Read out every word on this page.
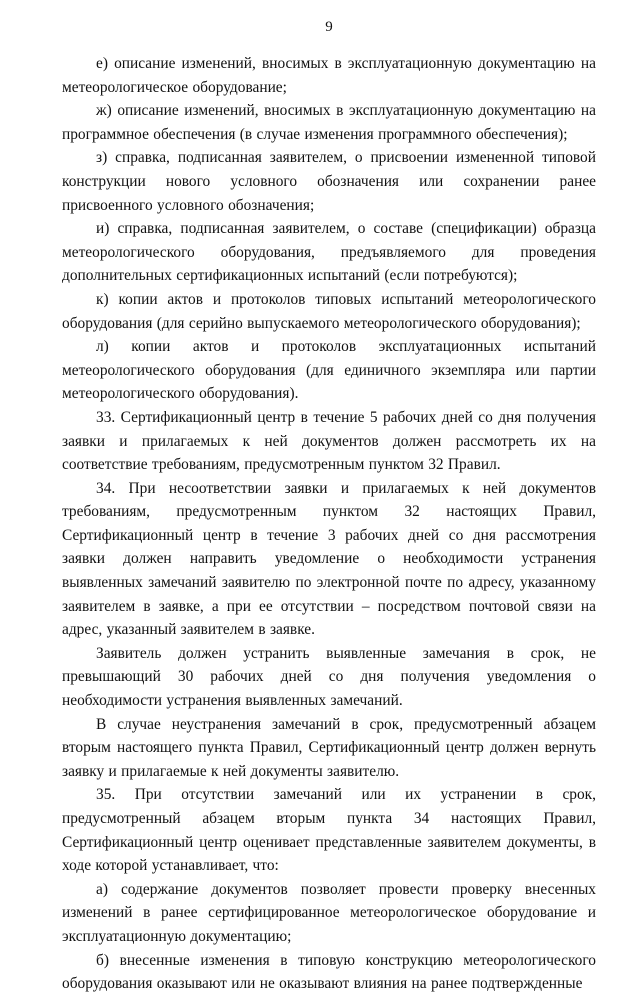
9

е) описание изменений, вносимых в эксплуатационную документацию на метеорологическое оборудование;

ж) описание изменений, вносимых в эксплуатационную документацию на программное обеспечения (в случае изменения программного обеспечения);

з) справка, подписанная заявителем, о присвоении измененной типовой конструкции нового условного обозначения или сохранении ранее присвоенного условного обозначения;

и) справка, подписанная заявителем, о составе (спецификации) образца метеорологического оборудования, предъявляемого для проведения дополнительных сертификационных испытаний (если потребуются);

к) копии актов и протоколов типовых испытаний метеорологического оборудования (для серийно выпускаемого метеорологического оборудования);

л) копии актов и протоколов эксплуатационных испытаний метеорологического оборудования (для единичного экземпляра или партии метеорологического оборудования).

33. Сертификационный центр в течение 5 рабочих дней со дня получения заявки и прилагаемых к ней документов должен рассмотреть их на соответствие требованиям, предусмотренным пунктом 32 Правил.

34. При несоответствии заявки и прилагаемых к ней документов требованиям, предусмотренным пунктом 32 настоящих Правил, Сертификационный центр в течение 3 рабочих дней со дня рассмотрения заявки должен направить уведомление о необходимости устранения выявленных замечаний заявителю по электронной почте по адресу, указанному заявителем в заявке, а при ее отсутствии – посредством почтовой связи на адрес, указанный заявителем в заявке.

Заявитель должен устранить выявленные замечания в срок, не превышающий 30 рабочих дней со дня получения уведомления о необходимости устранения выявленных замечаний.

В случае неустранения замечаний в срок, предусмотренный абзацем вторым настоящего пункта Правил, Сертификационный центр должен вернуть заявку и прилагаемые к ней документы заявителю.

35. При отсутствии замечаний или их устранении в срок, предусмотренный абзацем вторым пункта 34 настоящих Правил, Сертификационный центр оценивает представленные заявителем документы, в ходе которой устанавливает, что:

а) содержание документов позволяет провести проверку внесенных изменений в ранее сертифицированное метеорологическое оборудование и эксплуатационную документацию;

б) внесенные изменения в типовую конструкцию метеорологического оборудования оказывают или не оказывают влияния на ранее подтвержденные
